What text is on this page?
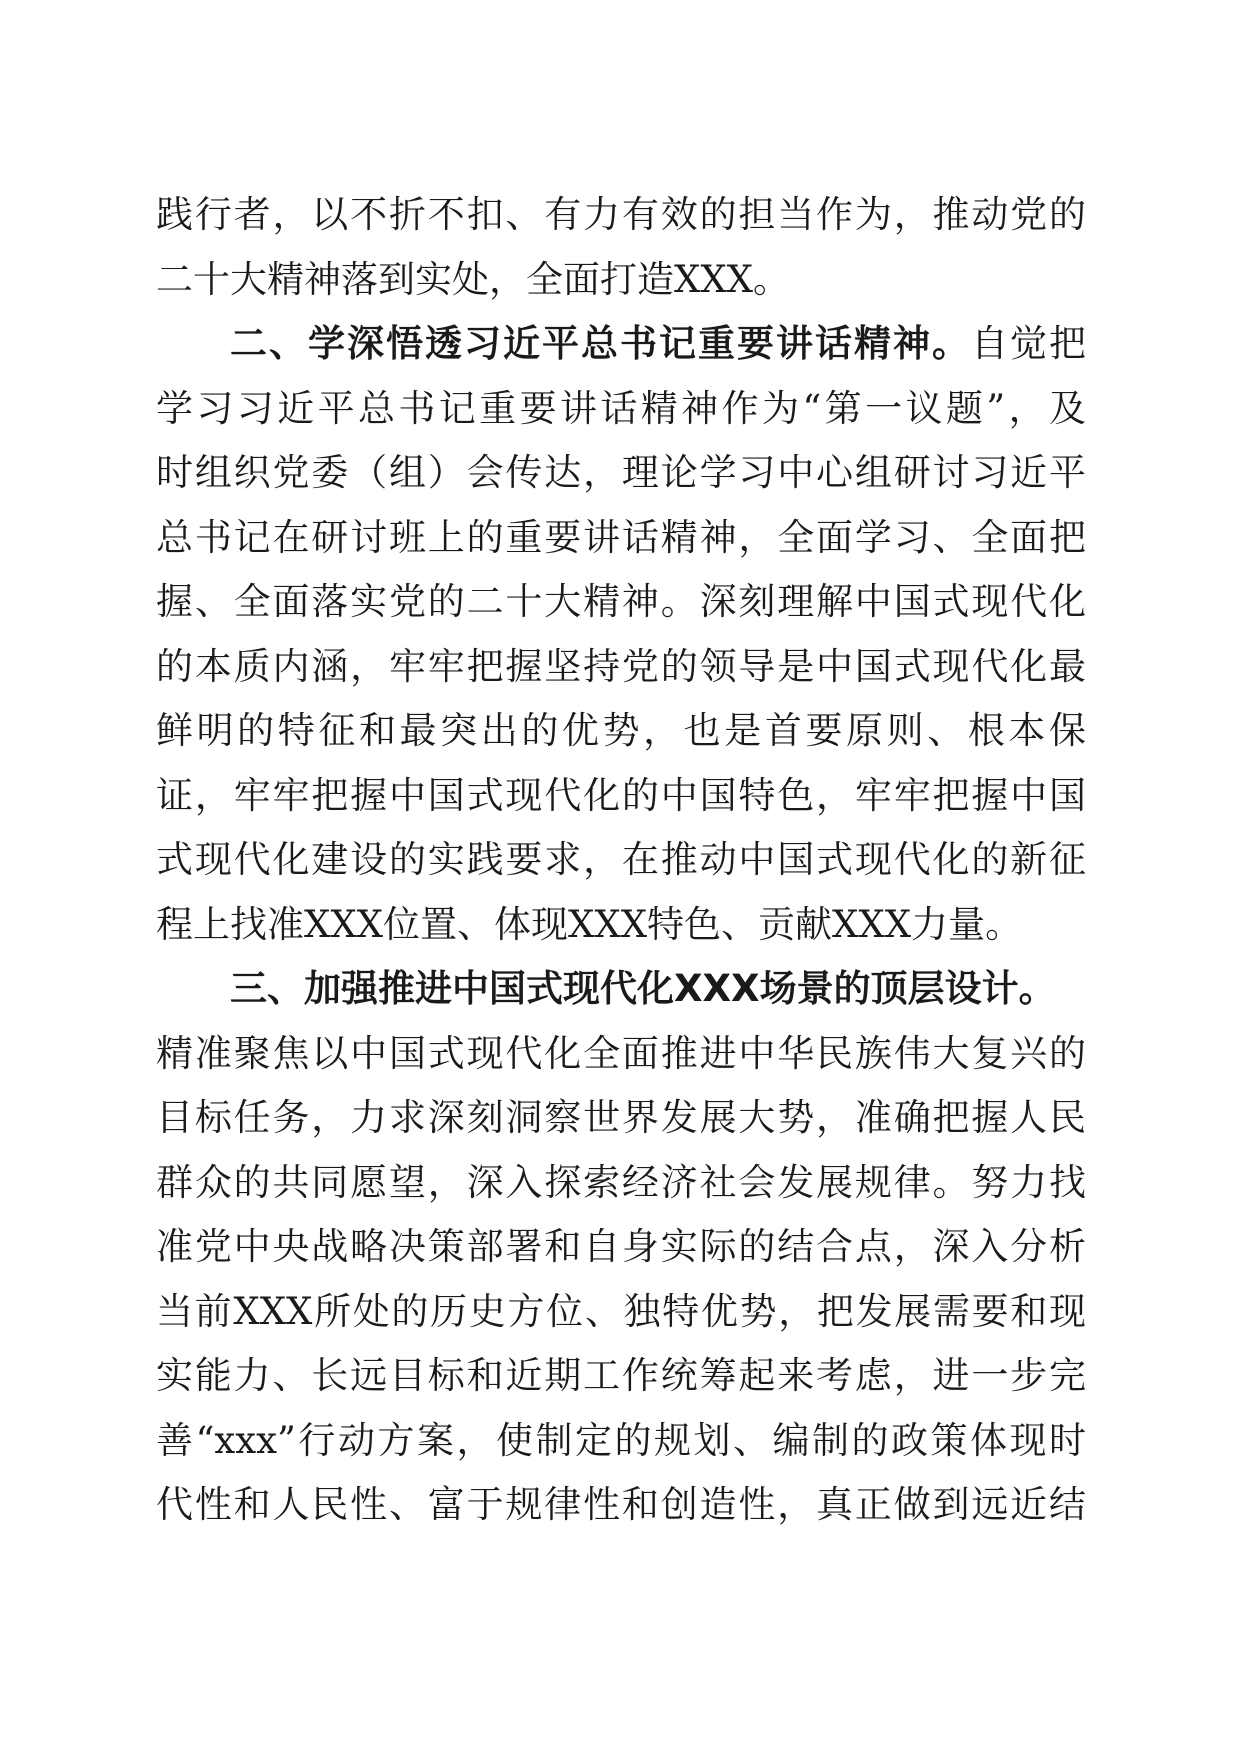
践行者，以不折不扣、有力有效的担当作为，推动党的
二十大精神落到实处，全面打造XXX。
二、学深悟透习近平总书记重要讲话精神。自觉把
学习习近平总书记重要讲话精神作为“第一议题”，及
时组织党委（组）会传达，理论学习中心组研讨习近平
总书记在研讨班上的重要讲话精神，全面学习、全面把
握、全面落实党的二十大精神。深刻理解中国式现代化
的本质内涵，牢牢把握坚持党的领导是中国式现代化最
鲜明的特征和最突出的优势，也是首要原则、根本保
证，牢牢把握中国式现代化的中国特色，牢牢把握中国
式现代化建设的实践要求，在推动中国式现代化的新征
程上找准XXX位置、体现XXX特色、贡献XXX力量。
三、加强推进中国式现代化XXX场景的顶层设计。
精准聚焦以中国式现代化全面推进中华民族伟大复兴的
目标任务，力求深刻洞察世界发展大势，准确把握人民
群众的共同愿望，深入探索经济社会发展规律。努力找
准党中央战略决策部署和自身实际的结合点，深入分析
当前XXX所处的历史方位、独特优势，把发展需要和现
实能力、长远目标和近期工作统筹起来考虑，进一步完
善“xxx”行动方案，使制定的规划、编制的政策体现时
代性和人民性、富于规律性和创造性，真正做到远近结
